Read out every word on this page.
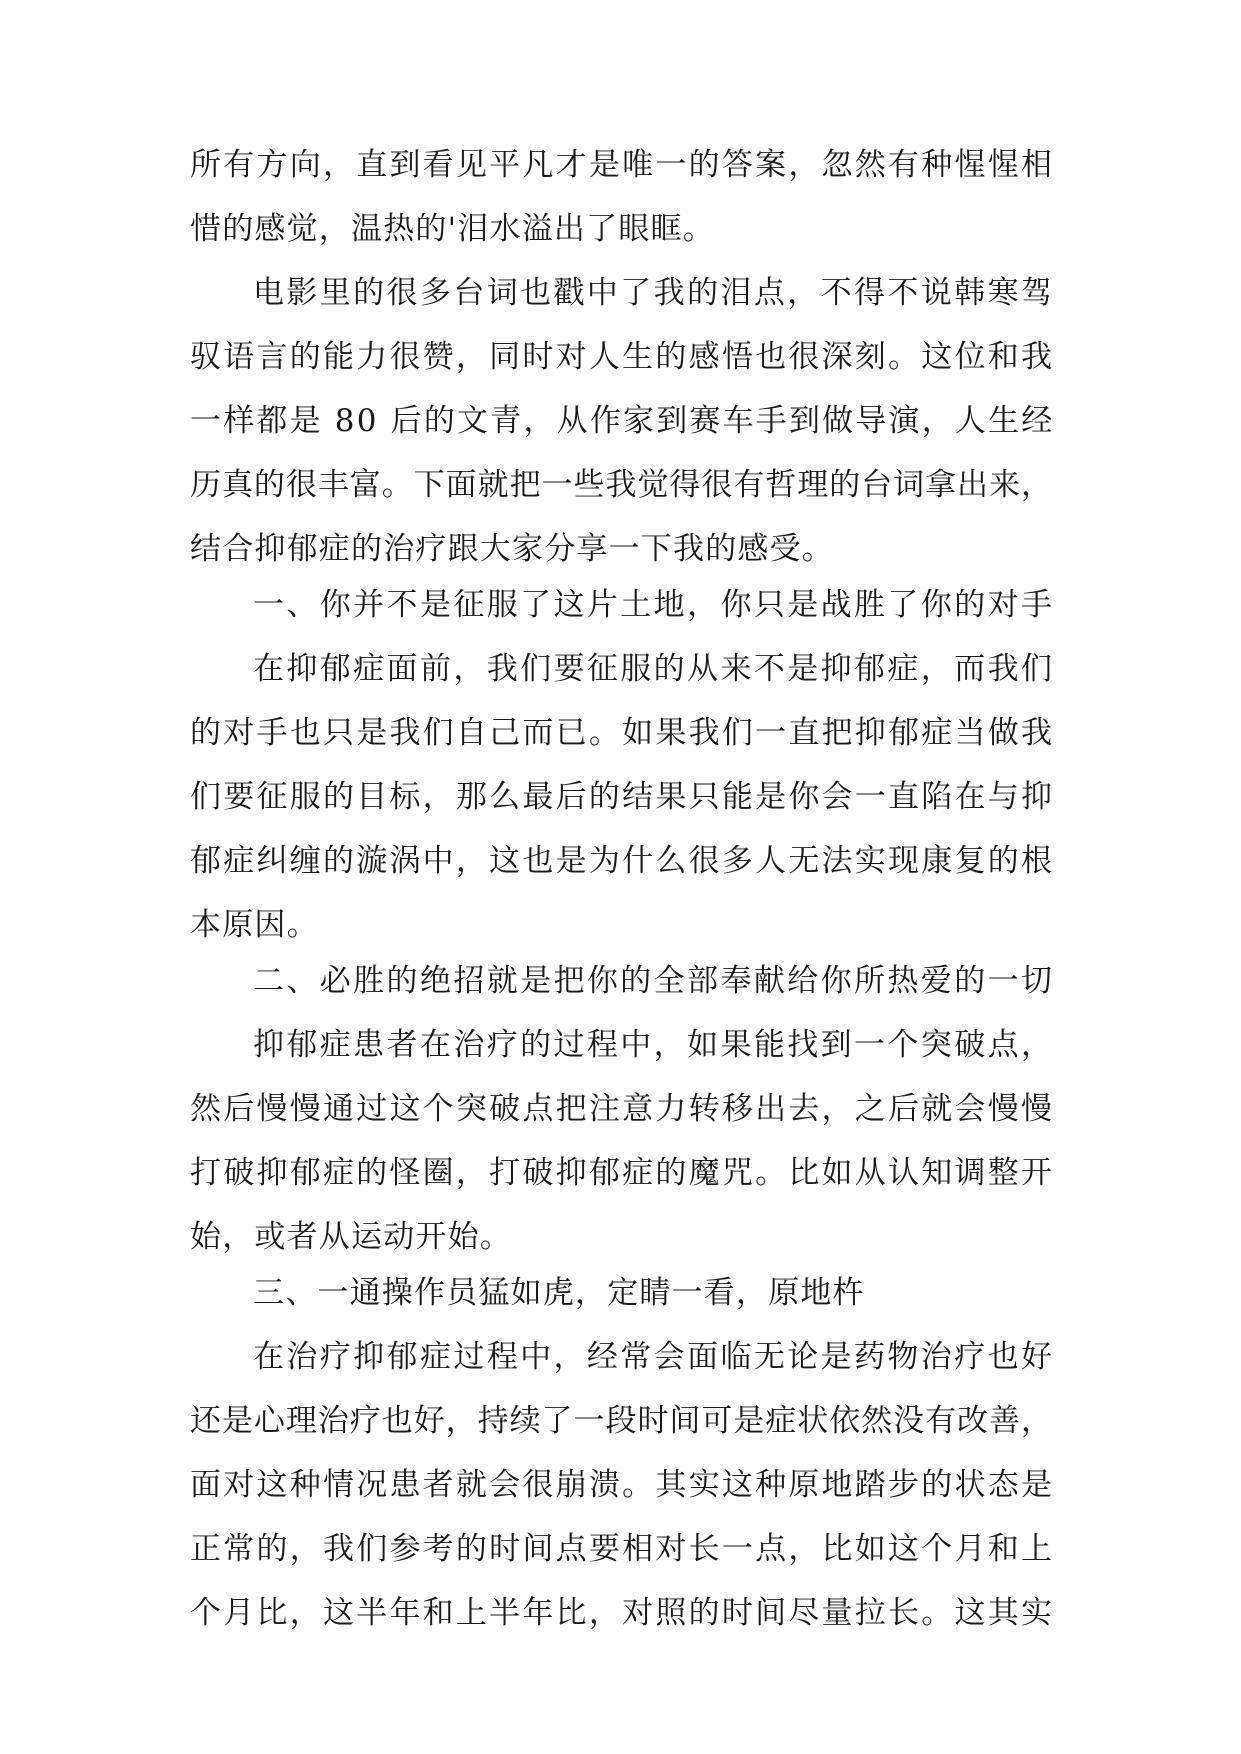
所有方向，直到看见平凡才是唯一的答案，忽然有种惺惺相
惜的感觉，温热的'泪水溢出了眼眶。
电影里的很多台词也戳中了我的泪点，不得不说韩寒驾
驭语言的能力很赞，同时对人生的感悟也很深刻。这位和我
一样都是 80 后的文青，从作家到赛车手到做导演，人生经
历真的很丰富。下面就把一些我觉得很有哲理的台词拿出来，
结合抑郁症的治疗跟大家分享一下我的感受。
一、你并不是征服了这片土地，你只是战胜了你的对手
在抑郁症面前，我们要征服的从来不是抑郁症，而我们
的对手也只是我们自己而已。如果我们一直把抑郁症当做我
们要征服的目标，那么最后的结果只能是你会一直陷在与抑
郁症纠缠的漩涡中，这也是为什么很多人无法实现康复的根
本原因。
二、必胜的绝招就是把你的全部奉献给你所热爱的一切
抑郁症患者在治疗的过程中，如果能找到一个突破点，
然后慢慢通过这个突破点把注意力转移出去，之后就会慢慢
打破抑郁症的怪圈，打破抑郁症的魔咒。比如从认知调整开
始，或者从运动开始。
三、一通操作员猛如虎，定睛一看，原地杵
在治疗抑郁症过程中，经常会面临无论是药物治疗也好
还是心理治疗也好，持续了一段时间可是症状依然没有改善，
面对这种情况患者就会很崩溃。其实这种原地踏步的状态是
正常的，我们参考的时间点要相对长一点，比如这个月和上
个月比，这半年和上半年比，对照的时间尽量拉长。这其实
